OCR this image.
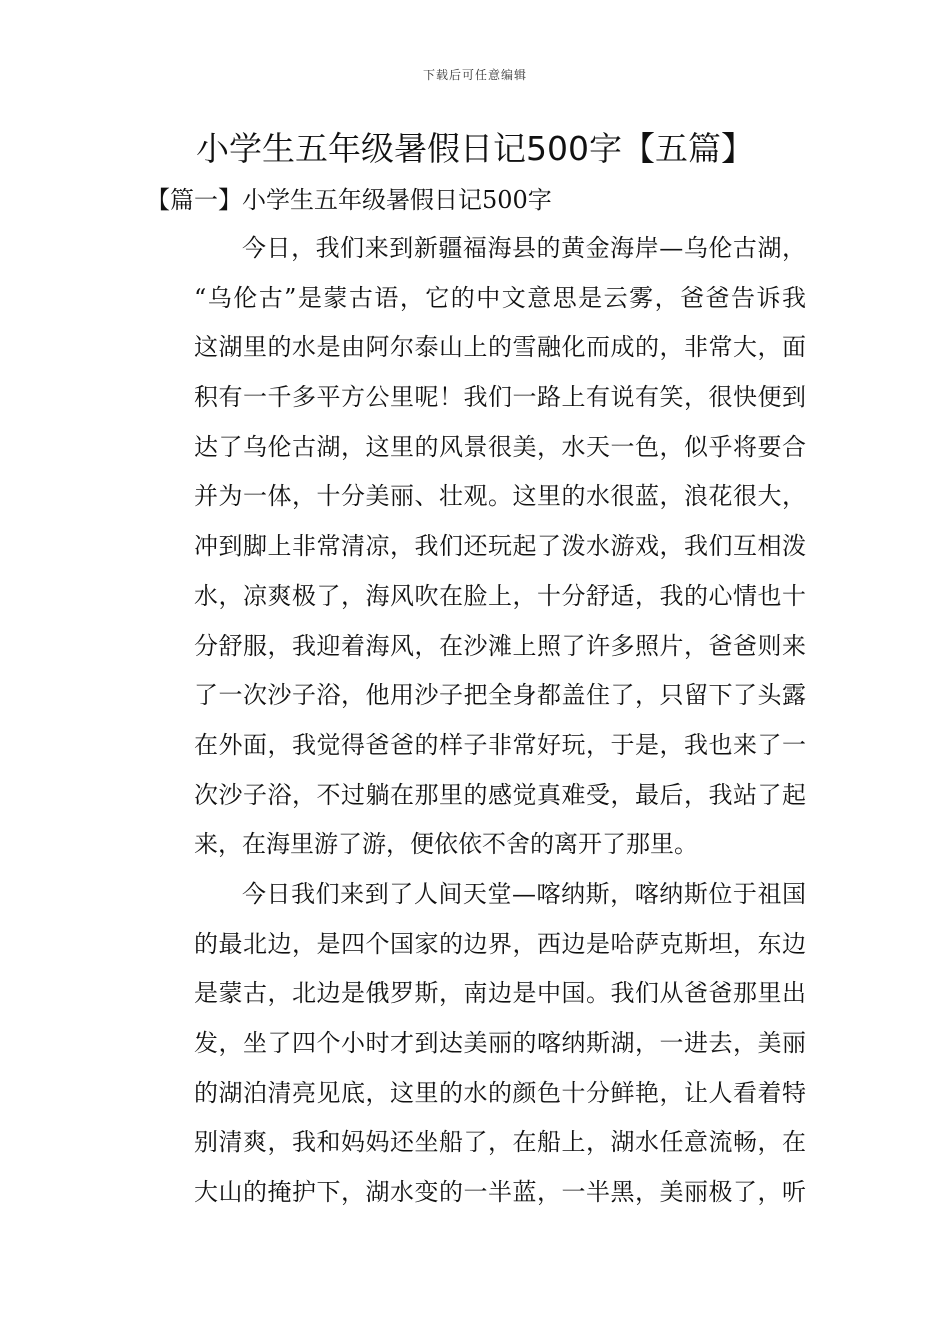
下载后可任意编辑
小学生五年级暑假日记500字【五篇】
【篇一】小学生五年级暑假日记500字
今日，我们来到新疆福海县的黄金海岸—乌伦古湖，
“乌伦古”是蒙古语，它的中文意思是云雾，爸爸告诉我
这湖里的水是由阿尔泰山上的雪融化而成的，非常大，面
积有一千多平方公里呢！我们一路上有说有笑，很快便到
达了乌伦古湖，这里的风景很美，水天一色，似乎将要合
并为一体，十分美丽、壮观。这里的水很蓝，浪花很大，
冲到脚上非常清凉，我们还玩起了泼水游戏，我们互相泼
水，凉爽极了，海风吹在脸上，十分舒适，我的心情也十
分舒服，我迎着海风，在沙滩上照了许多照片，爸爸则来
了一次沙子浴，他用沙子把全身都盖住了，只留下了头露
在外面，我觉得爸爸的样子非常好玩，于是，我也来了一
次沙子浴，不过躺在那里的感觉真难受，最后，我站了起
来，在海里游了游，便依依不舍的离开了那里。
今日我们来到了人间天堂—喀纳斯，喀纳斯位于祖国
的最北边，是四个国家的边界，西边是哈萨克斯坦，东边
是蒙古，北边是俄罗斯，南边是中国。我们从爸爸那里出
发，坐了四个小时才到达美丽的喀纳斯湖，一进去，美丽
的湖泊清亮见底，这里的水的颜色十分鲜艳，让人看着特
别清爽，我和妈妈还坐船了，在船上，湖水任意流畅，在
大山的掩护下，湖水变的一半蓝，一半黑，美丽极了，听
